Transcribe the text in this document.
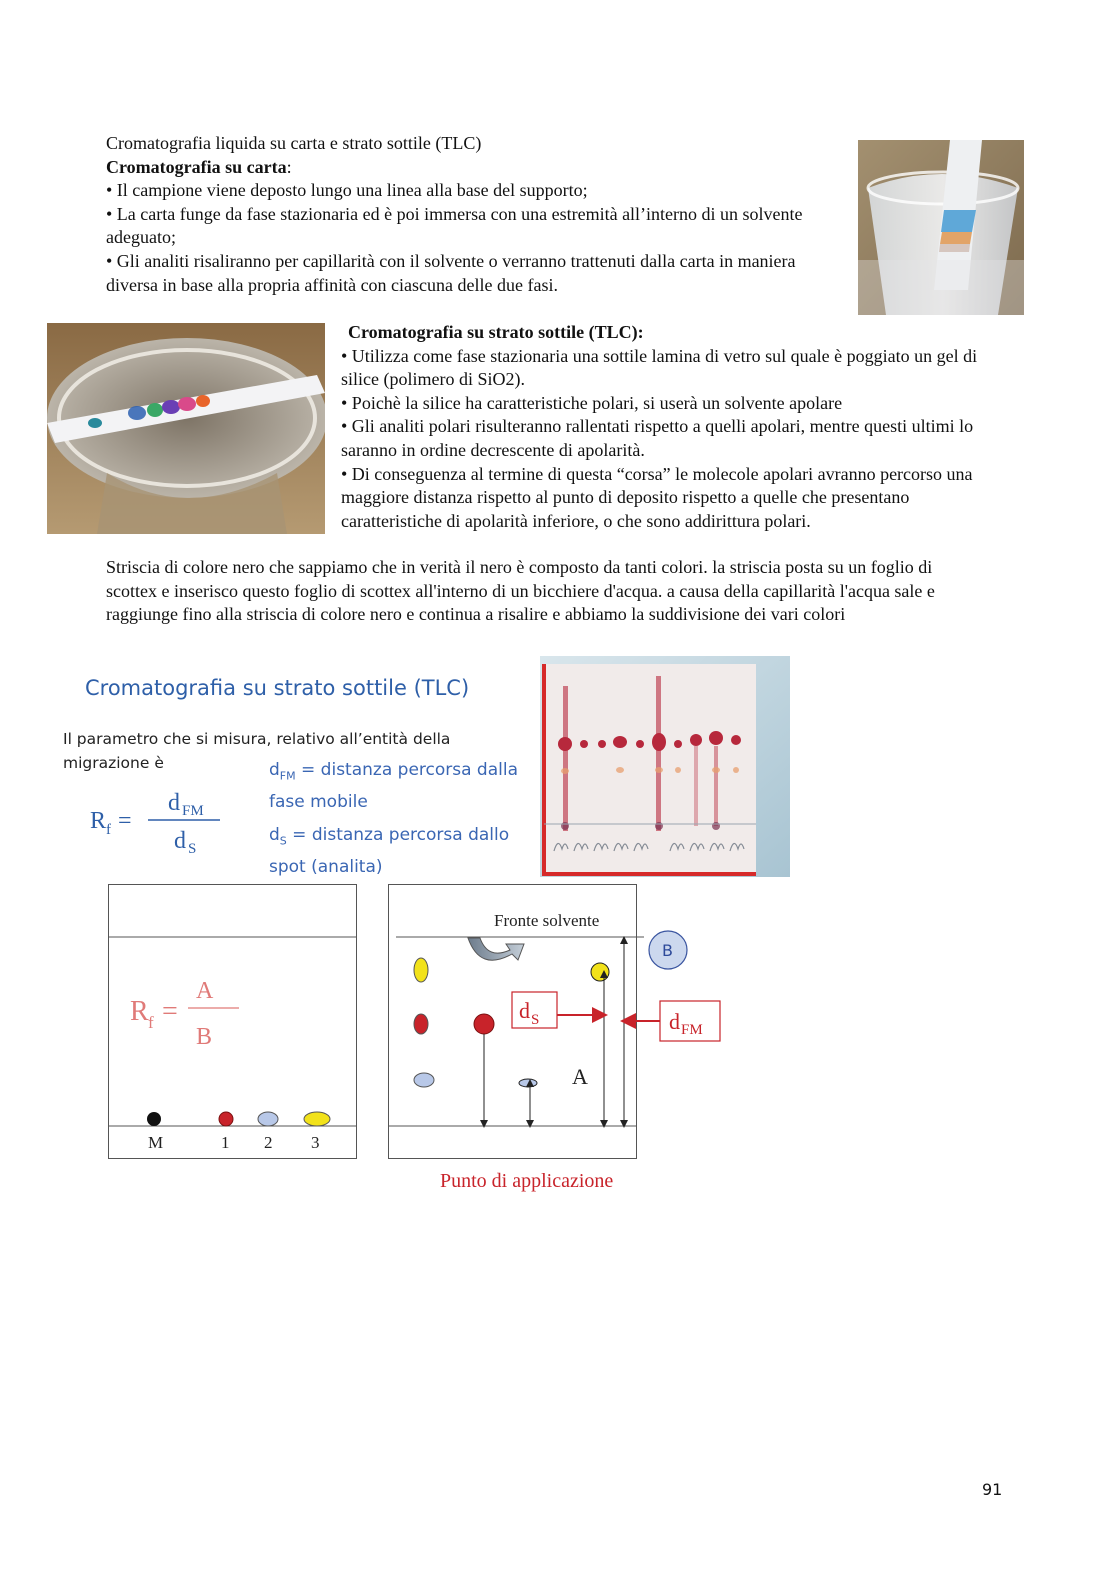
Cromatografia liquida su carta e strato sottile (TLC)

Cromatografia su carta:

• Il campione viene deposto lungo una linea alla base del supporto;

• La carta funge da fase stazionaria ed è poi immersa con una estremità all’interno di un solvente adeguato;

• Gli analiti risaliranno per capillarità con il solvente o verranno trattenuti dalla carta in maniera diversa in base alla propria affinità con ciascuna delle due fasi.

Cromatografia su strato sottile (TLC):

• Utilizza come fase stazionaria una sottile lamina di vetro sul quale è poggiato un gel di silice (polimero di SiO2).

• Poichè la silice ha caratteristiche polari, si userà un solvente apolare

• Gli analiti polari risulteranno rallentati rispetto a quelli apolari, mentre questi ultimi lo saranno in ordine decrescente di apolarità.

• Di conseguenza al termine di questa “corsa” le molecole apolari avranno percorso una maggiore distanza rispetto al punto di deposito rispetto a quelle che presentano caratteristiche di apolarità inferiore, o che sono addirittura polari.

Striscia di colore nero che sappiamo che in verità il nero è composto da tanti colori. la striscia posta su un foglio di scottex e inserisco questo foglio di scottex all'interno di un bicchiere d'acqua. a causa della capillarità l'acqua sale e raggiunge fino alla striscia di colore nero e continua a risalire e abbiamo la suddivisione dei vari colori

Cromatografia su strato sottile (TLC)
Il parametro che si misura, relativo all’entità della migrazione è	$d_{FM}$ = distanza percorsa dalla fase mobile
$d_S$ = distanza percorsa dallo spot (analita)
R f =
d FM
d S
R f =
A
B
M	1 2 3
Fronte solvente
d S	d FM
B
A
Punto di applicazione
91
